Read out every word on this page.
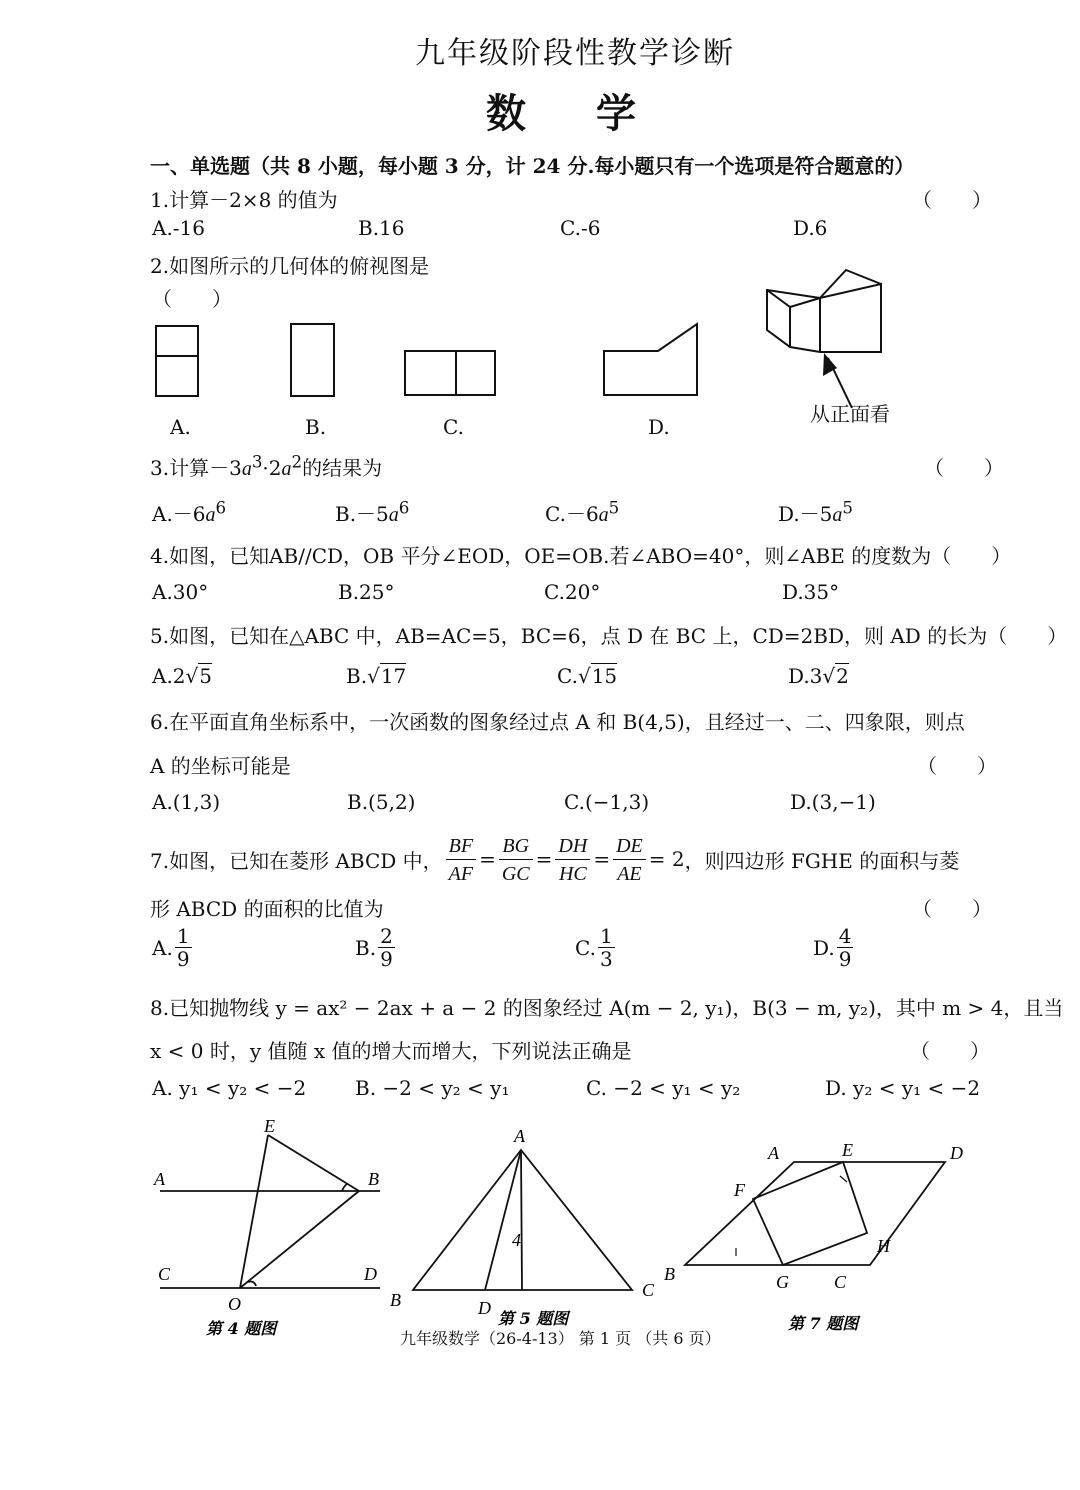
九年级阶段性教学诊断
数 学
一、单选题（共 8 小题，每小题 3 分，计 24 分.每小题只有一个选项是符合题意的）
1.计算－2×8 的值为	（　　）
A.-16	B.16	C.-6	D.6
2.如图所示的几何体的俯视图是
（　　）
A.	B.	C.	D.
从正面看
3.计算$-3a^3\cdot 2a^2$的结果为	（　　）
$A.-6a^6$	$B.-5a^6$	$C.-6a^5$	$D.-5a^5$
4.如图，已知AB//CD，OB 平分∠EOD，OE=OB.若∠ABO=40°，则∠ABE 的度数为（　　）
A.30°	B.25°	C.20°	D.35°
5.如图，已知在△ABC 中，AB=AC=5，BC=6，点 D 在 BC 上，CD=2BD，则 AD 的长为（　　）
A.2√5	B.√17	C.√15	D.3√2
6.在平面直角坐标系中，一次函数的图象经过点 A 和 B(4,5)，且经过一、二、四象限，则点
A 的坐标可能是	（　　）
A.(1,3)	B.(5,2)	C.(−1,3)	D.(3,−1)
7.如图，已知在菱形 ABCD 中， $\frac{BF}{AF} = \frac{BG}{GC} = \frac{DH}{HC} = \frac{DE}{AE} = 2$ ，则四边形 FGHE 的面积与菱
形 ABCD 的面积的比值为	（　　）
A. 1
9	B. 2
9	C. 1
3	D. 4
9
8.已知抛物线 y = ax² − 2ax + a − 2 的图象经过 A(m − 2, y₁)，B(3 − m, y₂)，其中 m > 4，且当
x < 0 时，y 值随 x 值的增大而增大，下列说法正确是	（　　）
A. y₁ < y₂ < −2 B. −2 < y₂ < y₁	C. −2 < y₁ < y₂	D. y₂ < y₁ < −2
E
A	B
C	D
O
第 4 题图
A
B	C
D
4
第 5 题图
A	E	D
F
H
B	G	C
第 7 题图
九年级数学（26-4-13） 第 1 页 （共 6 页）
